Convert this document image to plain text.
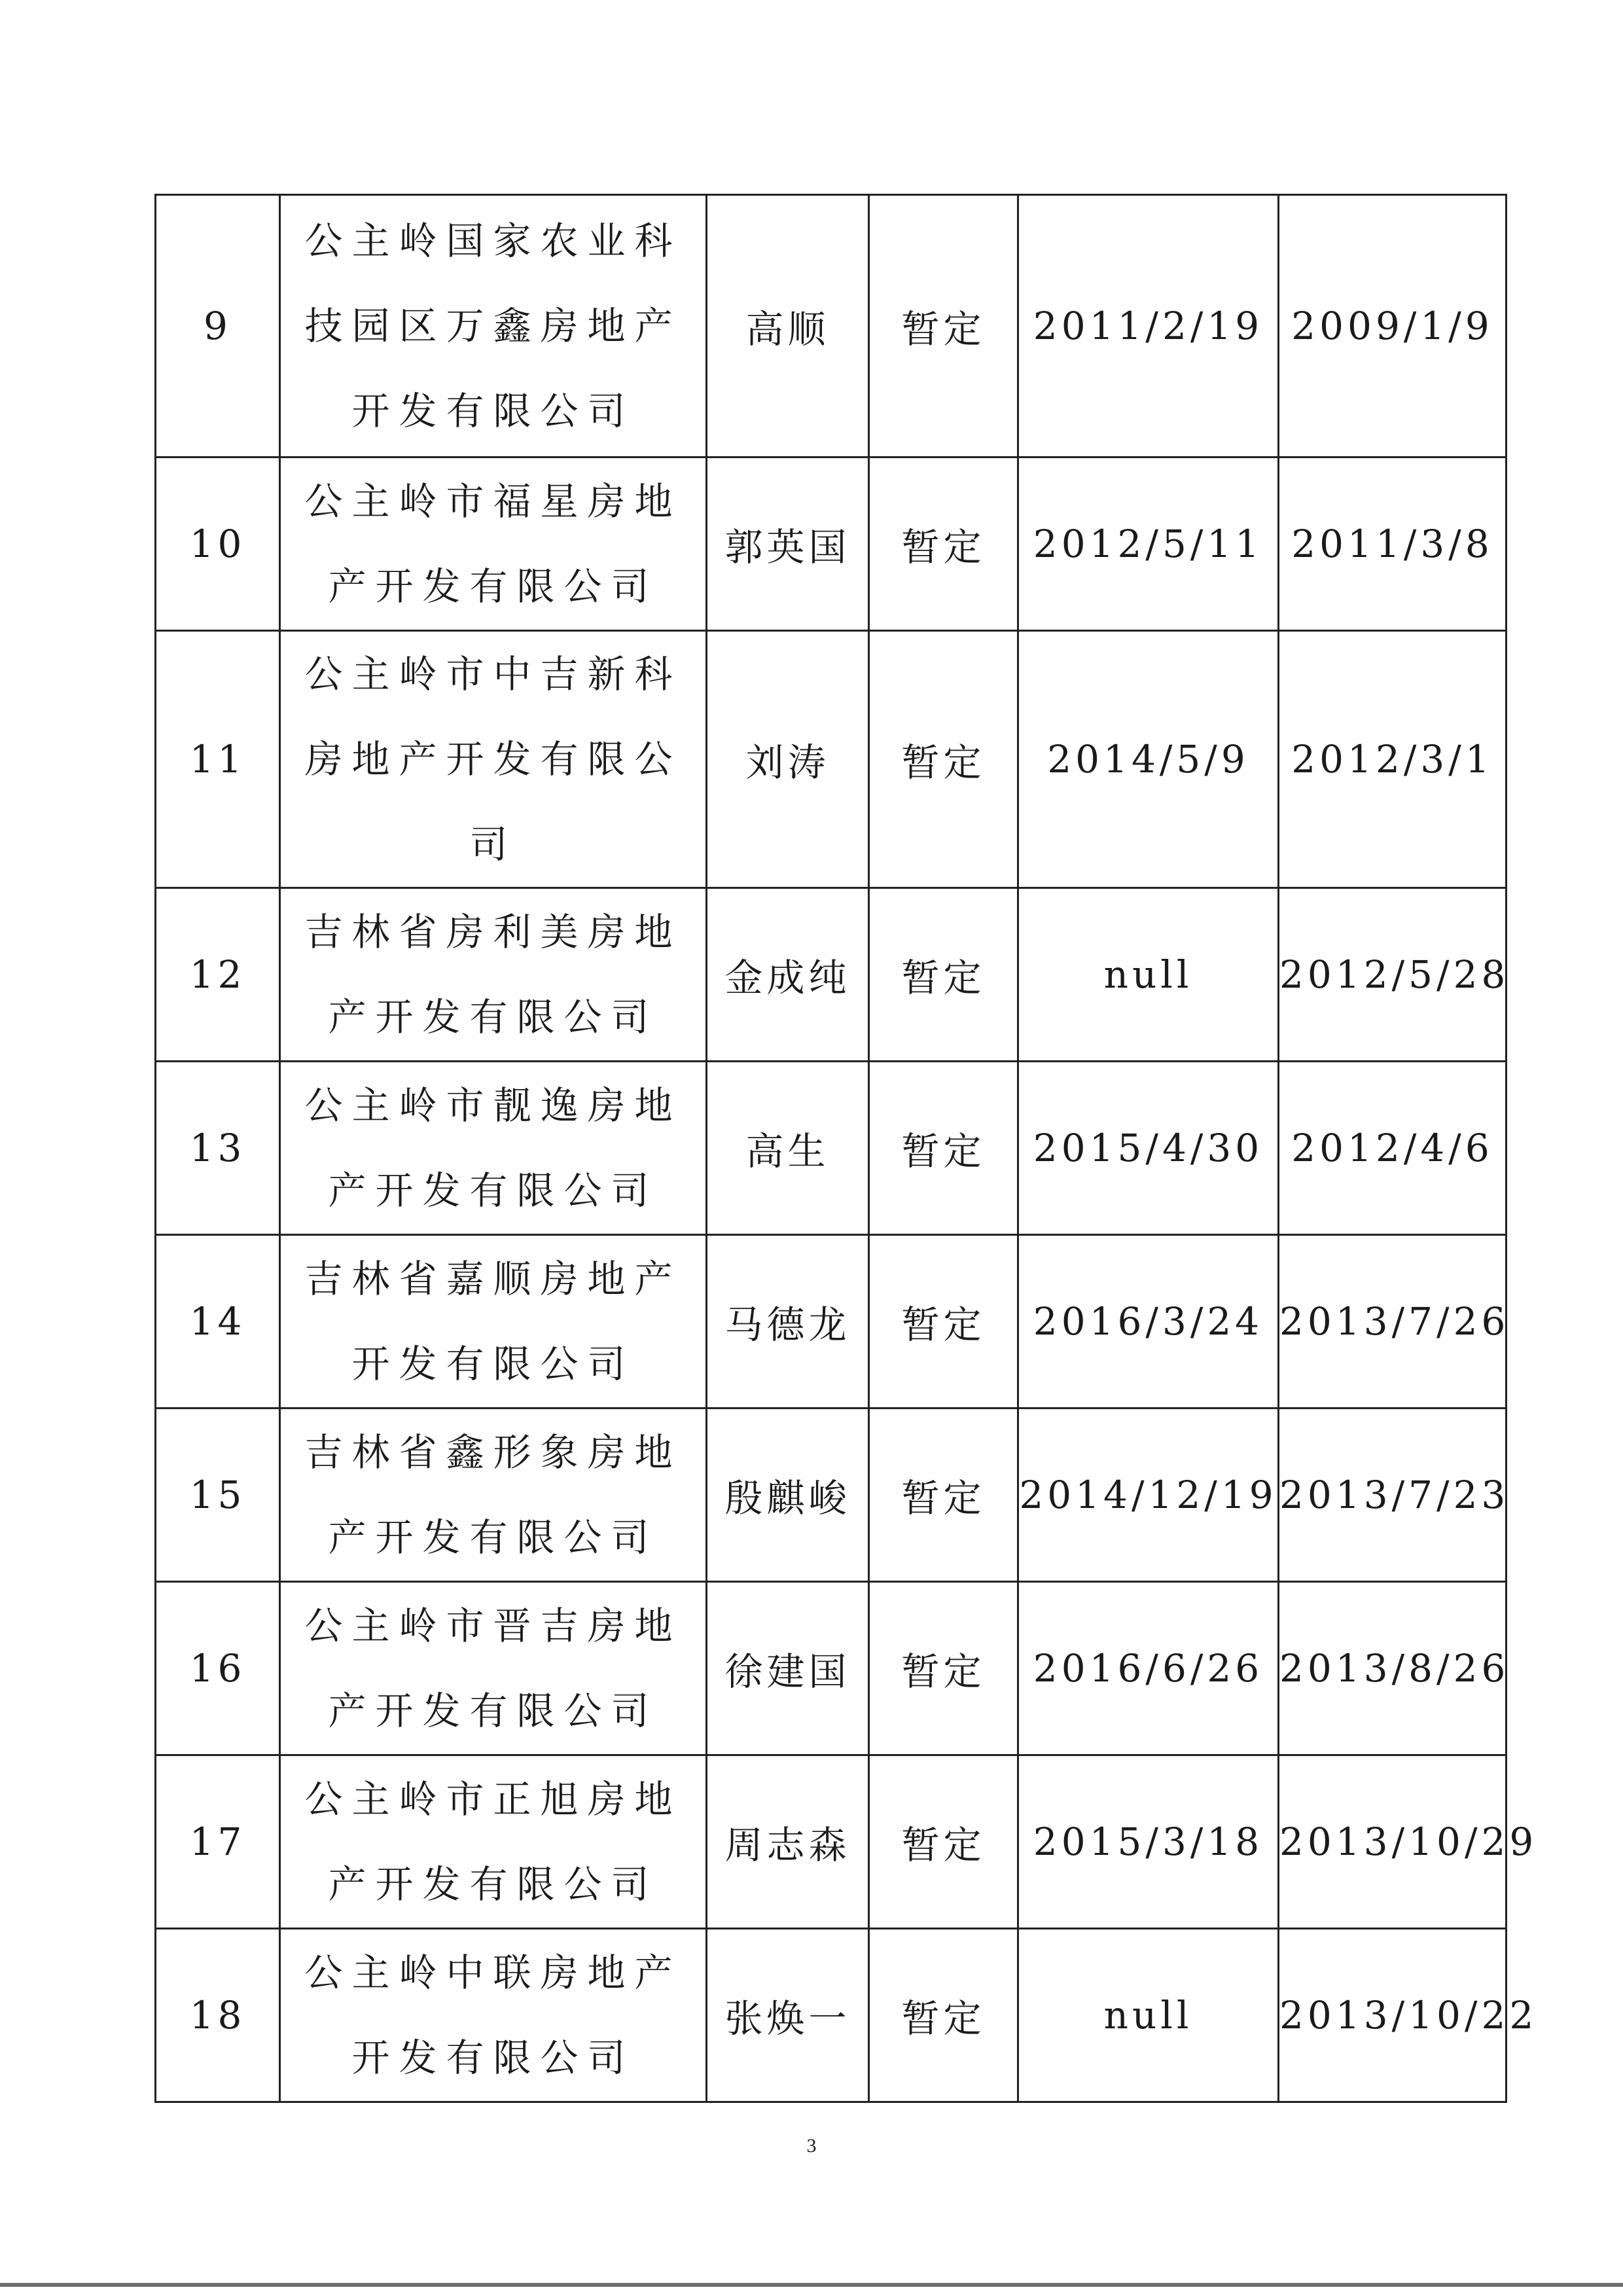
9	公主岭国家农业科技园区万鑫房地产开发有限公司	高顺	暂定	2011/2/19	2009/1/9
10	公主岭市福星房地产开发有限公司	郭英国	暂定	2012/5/11	2011/3/8
11	公主岭市中吉新科房地产开发有限公司	刘涛	暂定	2014/5/9	2012/3/1
12	吉林省房利美房地产开发有限公司	金成纯	暂定	null	2012/5/28
13	公主岭市靓逸房地产开发有限公司	高生	暂定	2015/4/30	2012/4/6
14	吉林省嘉顺房地产开发有限公司	马德龙	暂定	2016/3/24	2013/7/26
15	吉林省鑫形象房地产开发有限公司	殷麒峻	暂定	2014/12/19	2013/7/23
16	公主岭市晋吉房地产开发有限公司	徐建国	暂定	2016/6/26	2013/8/26
17	公主岭市正旭房地产开发有限公司	周志森	暂定	2015/3/18	2013/10/29
18	公主岭中联房地产开发有限公司	张焕一	暂定	null	2013/10/22
3
